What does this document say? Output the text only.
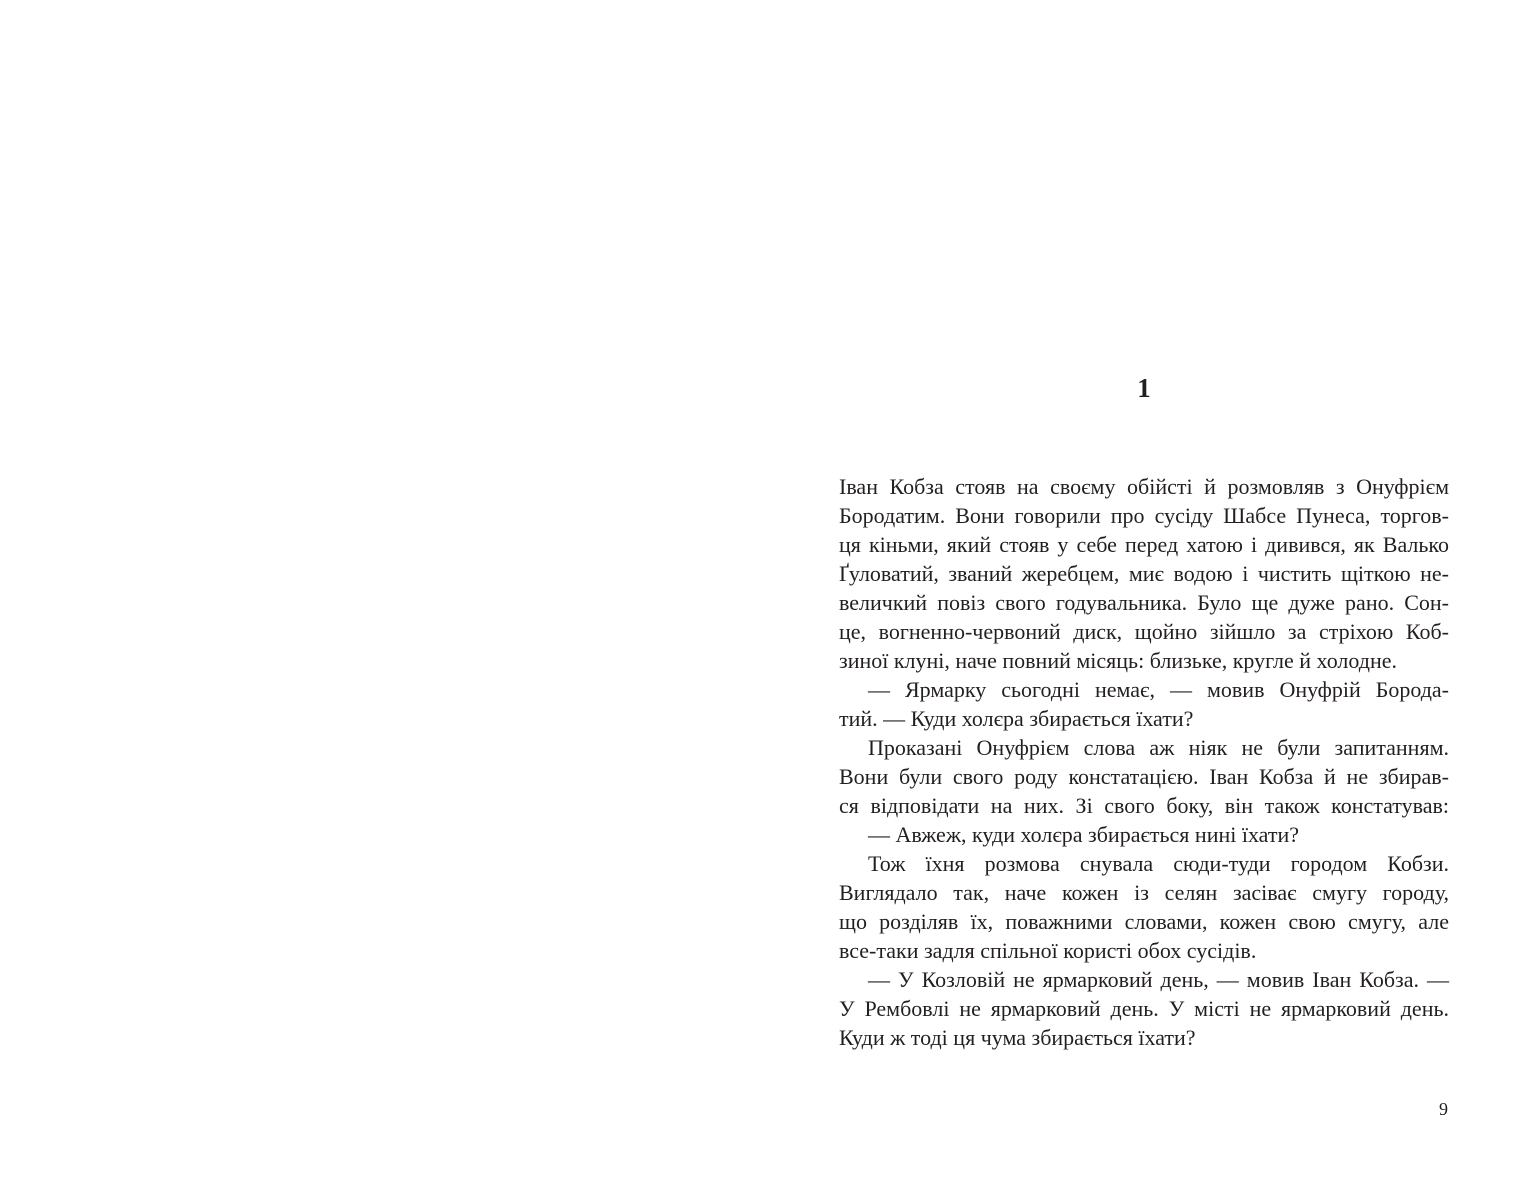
1
Іван Кобза стояв на своєму обійсті й розмовляв з Онуфрієм
Бородатим. Вони говорили про сусіду Шабсе Пунеса, торгов-
ця кіньми, який стояв у себе перед хатою і дивився, як Валько
Ґуловатий, званий жеребцем, миє водою і чистить щіткою не-
величкий повіз свого годувальника. Було ще дуже рано. Сон-
це, вогненно-червоний диск, щойно зійшло за стріхою Коб-
зиної клуні, наче повний місяць: близьке, кругле й холодне.
— Ярмарку сьогодні немає, — мовив Онуфрій Борода-
тий. — Куди холєра збирається їхати?
Проказані Онуфрієм слова аж ніяк не були запитанням.
Вони були свого роду констатацією. Іван Кобза й не збирав-
ся відповідати на них. Зі свого боку, він також констатував:
— Авжеж, куди холєра збирається нині їхати?
Тож їхня розмова снувала сюди-туди городом Кобзи.
Виглядало так, наче кожен із селян засіває смугу городу,
що розділяв їх, поважними словами, кожен свою смугу, але
все-таки задля спільної користі обох сусідів.
— У Козловій не ярмарковий день, — мовив Іван Кобза. —
У Рембовлі не ярмарковий день. У місті не ярмарковий день.
Куди ж тоді ця чума збирається їхати?
9
